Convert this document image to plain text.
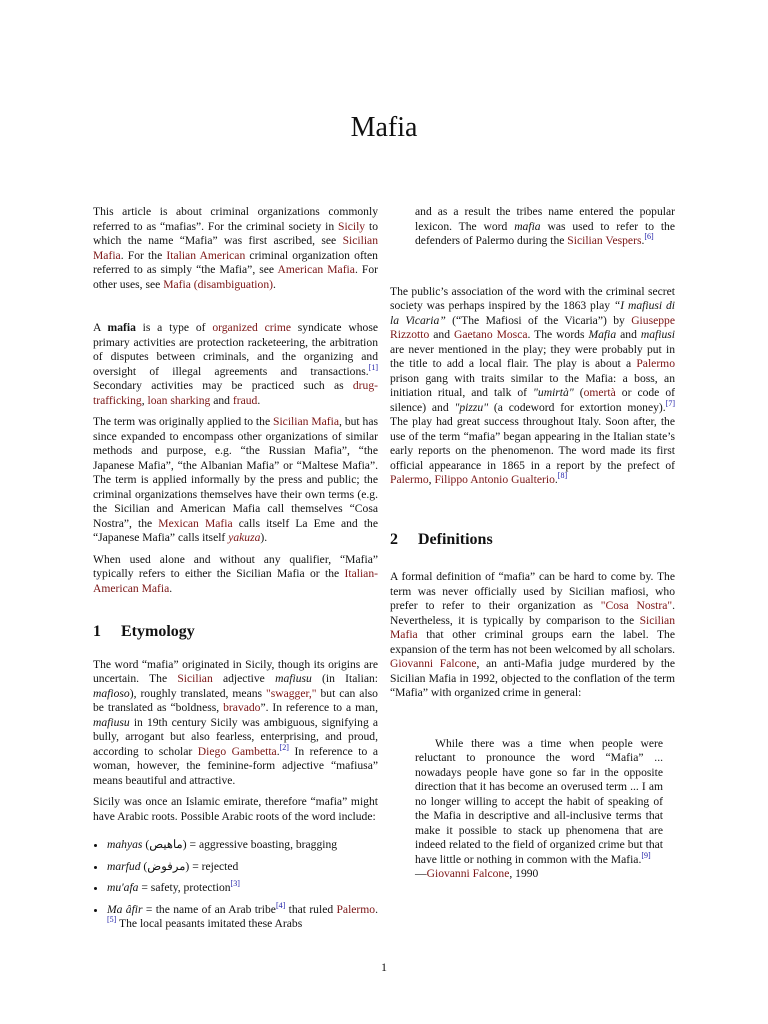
Mafia

This article is about criminal organizations commonly referred to as “mafias”. For the criminal society in Sicily to which the name “Mafia” was first ascribed, see Sicilian Mafia. For the Italian American criminal organization often referred to as simply “the Mafia”, see American Mafia. For other uses, see Mafia (disambiguation).

A mafia is a type of organized crime syndicate whose primary activities are protection racketeering, the arbitration of disputes between criminals, and the organizing and oversight of illegal agreements and transactions.[1] Secondary activities may be practiced such as drug-trafficking, loan sharking and fraud.

The term was originally applied to the Sicilian Mafia, but has since expanded to encompass other organizations of similar methods and purpose, e.g. “the Russian Mafia”, “the Japanese Mafia”, “the Albanian Mafia” or “Maltese Mafia”. The term is applied informally by the press and public; the criminal organizations themselves have their own terms (e.g. the Sicilian and American Mafia call themselves “Cosa Nostra”, the Mexican Mafia calls itself La Eme and the “Japanese Mafia” calls itself yakuza).

When used alone and without any qualifier, “Mafia” typically refers to either the Sicilian Mafia or the Italian-American Mafia.

1 Etymology

The word “mafia” originated in Sicily, though its origins are uncertain. The Sicilian adjective mafiusu (in Italian: mafioso), roughly translated, means "swagger," but can also be translated as “boldness, bravado”. In reference to a man, mafiusu in 19th century Sicily was ambiguous, signifying a bully, arrogant but also fearless, enterprising, and proud, according to scholar Diego Gambetta.[2] In reference to a woman, however, the feminine-form adjective “mafiusa” means beautiful and attractive.

Sicily was once an Islamic emirate, therefore “mafia” might have Arabic roots. Possible Arabic roots of the word include:

• mahyas (ماهيص) = aggressive boasting, bragging
• marfud (مرفوض) = rejected
• mu'afa = safety, protection[3]
• Ma âfir = the name of an Arab tribe[4] that ruled Palermo.[5] The local peasants imitated these Arabs

and as a result the tribes name entered the popular lexicon. The word mafia was used to refer to the defenders of Palermo during the Sicilian Vespers.[6]

The public’s association of the word with the criminal secret society was perhaps inspired by the 1863 play “I mafiusi di la Vicaria” (“The Mafiosi of the Vicaria”) by Giuseppe Rizzotto and Gaetano Mosca. The words Mafia and mafiusi are never mentioned in the play; they were probably put in the title to add a local flair. The play is about a Palermo prison gang with traits similar to the Mafia: a boss, an initiation ritual, and talk of "umirtà" (omertà or code of silence) and "pizzu" (a codeword for extortion money).[7] The play had great success throughout Italy. Soon after, the use of the term “mafia” began appearing in the Italian state’s early reports on the phenomenon. The word made its first official appearance in 1865 in a report by the prefect of Palermo, Filippo Antonio Gualterio.[8]

2 Definitions

A formal definition of “mafia” can be hard to come by. The term was never officially used by Sicilian mafiosi, who prefer to refer to their organization as "Cosa Nostra". Nevertheless, it is typically by comparison to the Sicilian Mafia that other criminal groups earn the label. The expansion of the term has not been welcomed by all scholars. Giovanni Falcone, an anti-Mafia judge murdered by the Sicilian Mafia in 1992, objected to the conflation of the term “Mafia” with organized crime in general:

While there was a time when people were reluctant to pronounce the word “Mafia” ... nowadays people have gone so far in the opposite direction that it has become an overused term ... I am no longer willing to accept the habit of speaking of the Mafia in descriptive and all-inclusive terms that make it possible to stack up phenomena that are indeed related to the field of organized crime but that have little or nothing in common with the Mafia.[9]

—Giovanni Falcone, 1990

1
